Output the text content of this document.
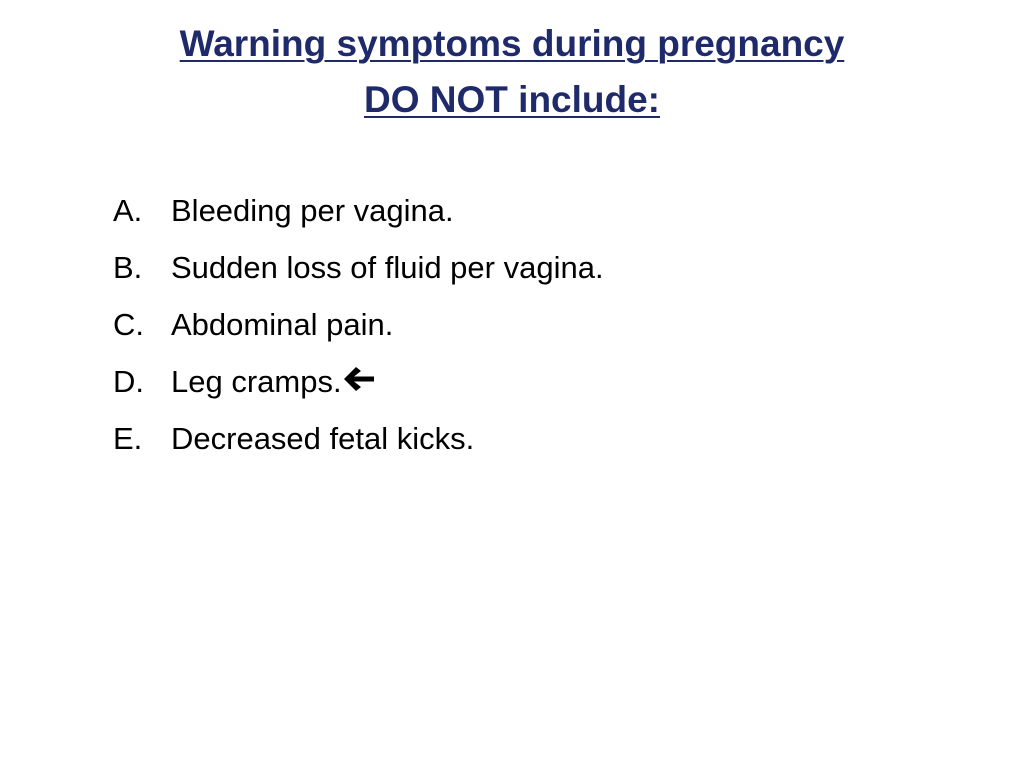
Warning symptoms during pregnancy
DO NOT include:
A. Bleeding per vagina.
B. Sudden loss of fluid per vagina.
C. Abdominal pain.
D. Leg cramps.
E. Decreased fetal kicks.
